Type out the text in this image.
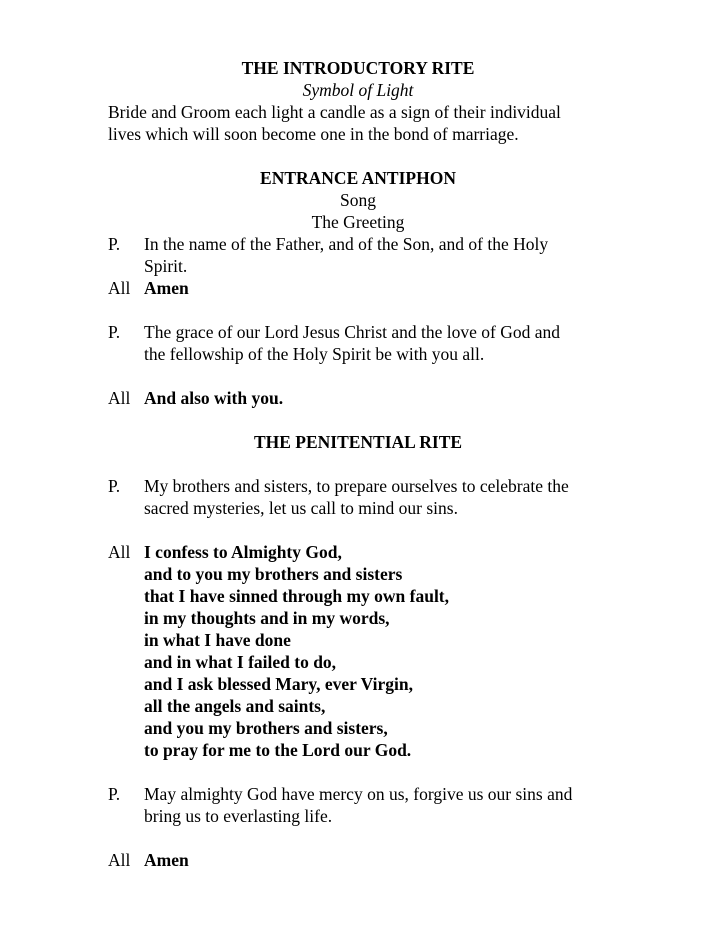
THE INTRODUCTORY RITE
Symbol of Light
Bride and Groom each light a candle as a sign of their individual
lives which will soon become one in the bond of marriage.
ENTRANCE ANTIPHON
Song
The Greeting
P.	In the name of the Father, and of the Son, and of the Holy
Spirit.
All Amen
P.	The grace of our Lord Jesus Christ and the love of God and
the fellowship of the Holy Spirit be with you all.
All And also with you.
THE PENITENTIAL RITE
P.	My brothers and sisters, to prepare ourselves to celebrate the
sacred mysteries, let us call to mind our sins.
All I confess to Almighty God,
and to you my brothers and sisters
that I have sinned through my own fault,
in my thoughts and in my words,
in what I have done
and in what I failed to do,
and I ask blessed Mary, ever Virgin,
all the angels and saints,
and you my brothers and sisters,
to pray for me to the Lord our God.
P.	May almighty God have mercy on us, forgive us our sins and
bring us to everlasting life.
All Amen
